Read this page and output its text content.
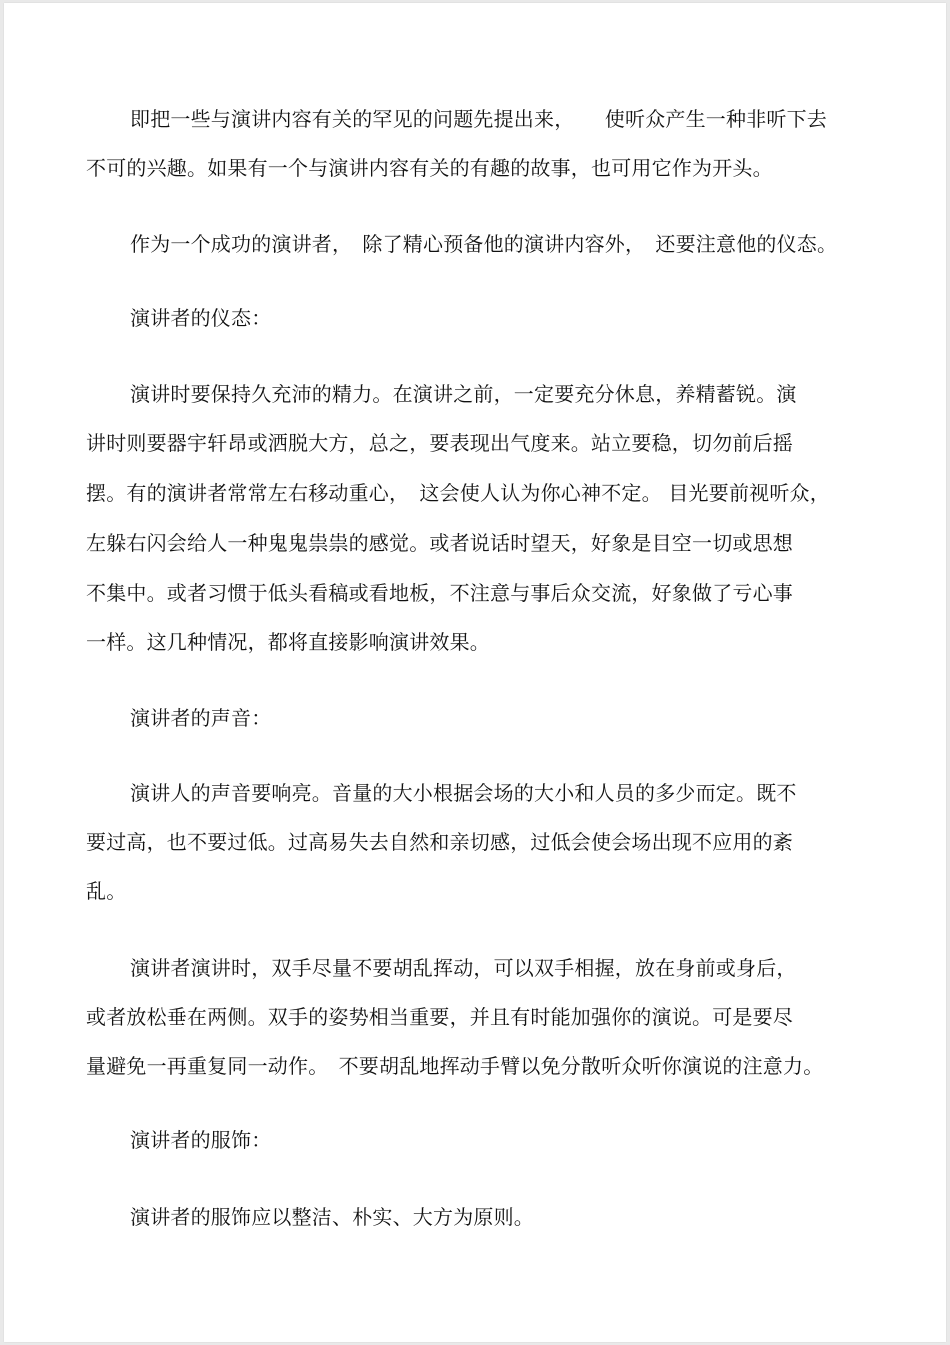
即把一些与演讲内容有关的罕见的问题先提出来，　　使听众产生一种非听下去
不可的兴趣。如果有一个与演讲内容有关的有趣的故事，也可用它作为开头。
作为一个成功的演讲者，　除了精心预备他的演讲内容外，　还要注意他的仪态。
演讲者的仪态：
演讲时要保持久充沛的精力。在演讲之前，一定要充分休息，养精蓄锐。演
讲时则要器宇轩昂或洒脱大方，总之，要表现出气度来。站立要稳，切勿前后摇
摆。有的演讲者常常左右移动重心，　这会使人认为你心神不定。 目光要前视听众，
左躲右闪会给人一种鬼鬼祟祟的感觉。或者说话时望天，好象是目空一切或思想
不集中。或者习惯于低头看稿或看地板，不注意与事后众交流，好象做了亏心事
一样。这几种情况，都将直接影响演讲效果。
演讲者的声音：
演讲人的声音要响亮。音量的大小根据会场的大小和人员的多少而定。既不
要过高，也不要过低。过高易失去自然和亲切感，过低会使会场出现不应用的紊
乱。
演讲者演讲时，双手尽量不要胡乱挥动，可以双手相握，放在身前或身后，
或者放松垂在两侧。双手的姿势相当重要，并且有时能加强你的演说。可是要尽
量避免一再重复同一动作。　不要胡乱地挥动手臂以免分散听众听你演说的注意力。
演讲者的服饰：
演讲者的服饰应以整洁、朴实、大方为原则。
